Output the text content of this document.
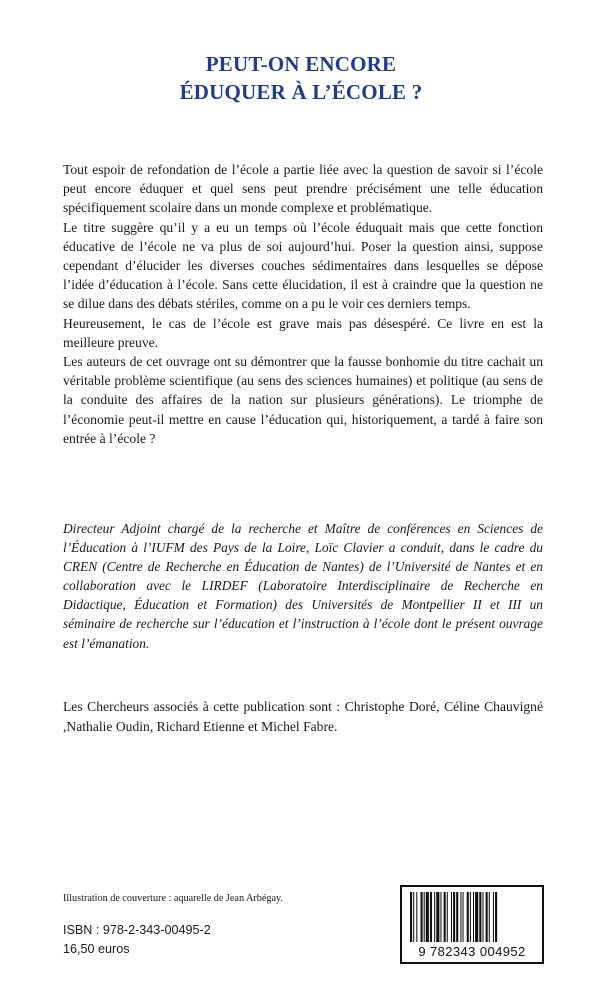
PEUT-ON ENCORE
ÉDUQUER À L’ÉCOLE ?

Tout espoir de refondation de l’école a partie liée avec la question de savoir si l’école peut encore éduquer et quel sens peut prendre précisément une telle éducation spécifiquement scolaire dans un monde complexe et problématique.

Le titre suggère qu’il y a eu un temps où l’école éduquait mais que cette fonction éducative de l’école ne va plus de soi aujourd’hui. Poser la question ainsi, suppose cependant d’élucider les diverses couches sédimentaires dans lesquelles se dépose l’idée d’éducation à l’école. Sans cette élucidation, il est à craindre que la question ne se dilue dans des débats stériles, comme on a pu le voir ces derniers temps.

Heureusement, le cas de l’école est grave mais pas désespéré. Ce livre en est la meilleure preuve.

Les auteurs de cet ouvrage ont su démontrer que la fausse bonhomie du titre cachait un véritable problème scientifique (au sens des sciences humaines) et politique (au sens de la conduite des affaires de la nation sur plusieurs générations). Le triomphe de l’économie peut-il mettre en cause l’éducation qui, historiquement, a tardé à faire son entrée à l’école ?

Directeur Adjoint chargé de la recherche et Maître de conférences en Sciences de l’Éducation à l’IUFM des Pays de la Loire, Loïc Clavier a conduit, dans le cadre du CREN (Centre de Recherche en Éducation de Nantes) de l’Université de Nantes et en collaboration avec le LIRDEF (Laboratoire Interdisciplinaire de Recherche en Didactique, Éducation et Formation) des Universités de Montpellier II et III un séminaire de recherche sur l’éducation et l’instruction à l’école dont le présent ouvrage est l’émanation.
Les Chercheurs associés à cette publication sont : Christophe Doré, Céline Chauvigné ,Nathalie Oudin, Richard Etienne et Michel Fabre.
Illustration de couverture : aquarelle de Jean Arbégay.
ISBN : 978-2-343-00495-2
16,50 euros	9 782343 004952
